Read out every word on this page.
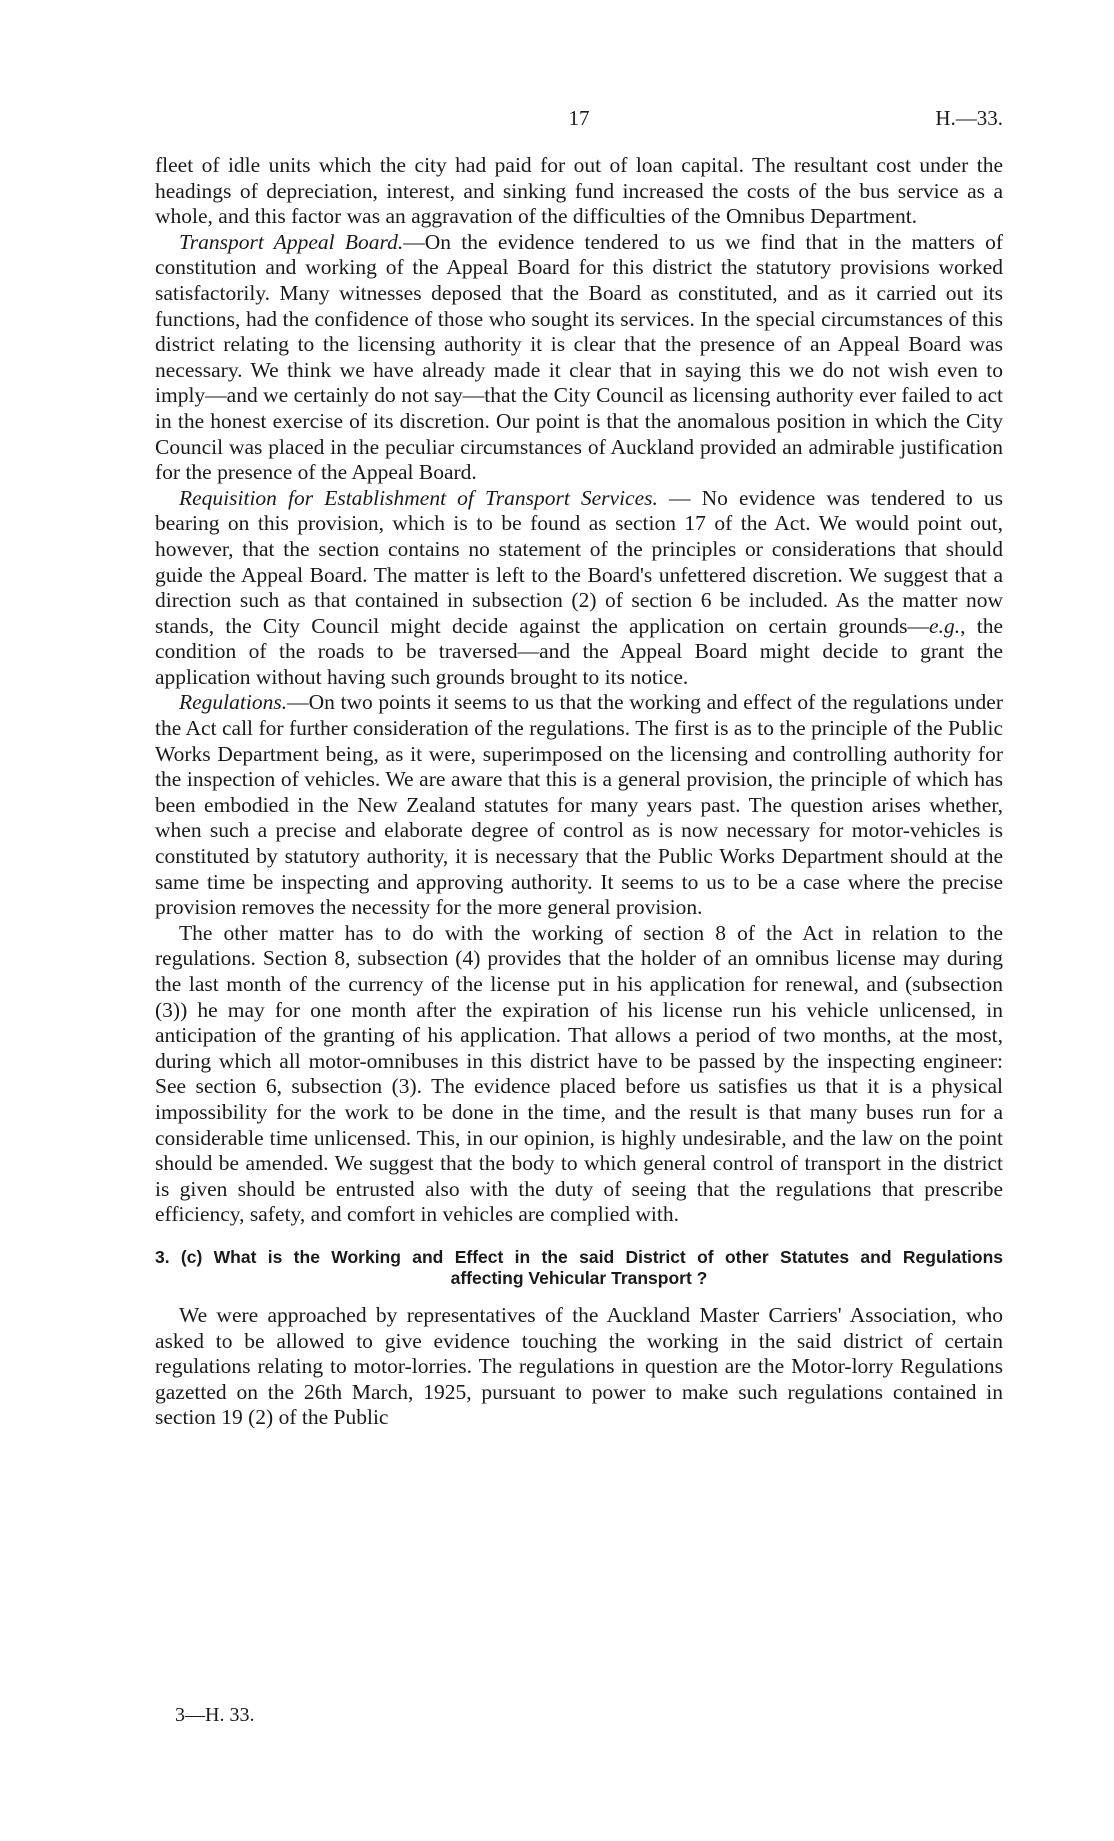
17	H.—33.

fleet of idle units which the city had paid for out of loan capital. The resultant cost under the headings of depreciation, interest, and sinking fund increased the costs of the bus service as a whole, and this factor was an aggravation of the difficulties of the Omnibus Department.

Transport Appeal Board.—On the evidence tendered to us we find that in the matters of constitution and working of the Appeal Board for this district the statutory provisions worked satisfactorily. Many witnesses deposed that the Board as constituted, and as it carried out its functions, had the confidence of those who sought its services. In the special circumstances of this district relating to the licensing authority it is clear that the presence of an Appeal Board was necessary. We think we have already made it clear that in saying this we do not wish even to imply—and we certainly do not say—that the City Council as licensing authority ever failed to act in the honest exercise of its discretion. Our point is that the anomalous position in which the City Council was placed in the peculiar circumstances of Auckland provided an admirable justification for the presence of the Appeal Board.

Requisition for Establishment of Transport Services. — No evidence was tendered to us bearing on this provision, which is to be found as section 17 of the Act. We would point out, however, that the section contains no statement of the principles or considerations that should guide the Appeal Board. The matter is left to the Board's unfettered discretion. We suggest that a direction such as that contained in subsection (2) of section 6 be included. As the matter now stands, the City Council might decide against the application on certain grounds—e.g., the condition of the roads to be traversed—and the Appeal Board might decide to grant the application without having such grounds brought to its notice.

Regulations.—On two points it seems to us that the working and effect of the regulations under the Act call for further consideration of the regulations. The first is as to the principle of the Public Works Department being, as it were, superimposed on the licensing and controlling authority for the inspection of vehicles. We are aware that this is a general provision, the principle of which has been embodied in the New Zealand statutes for many years past. The question arises whether, when such a precise and elaborate degree of control as is now necessary for motor-vehicles is constituted by statutory authority, it is necessary that the Public Works Department should at the same time be inspecting and approving authority. It seems to us to be a case where the precise provision removes the necessity for the more general provision.

The other matter has to do with the working of section 8 of the Act in relation to the regulations. Section 8, subsection (4) provides that the holder of an omnibus license may during the last month of the currency of the license put in his application for renewal, and (subsection (3)) he may for one month after the expiration of his license run his vehicle unlicensed, in anticipation of the granting of his application. That allows a period of two months, at the most, during which all motor-omnibuses in this district have to be passed by the inspecting engineer: See section 6, subsection (3). The evidence placed before us satisfies us that it is a physical impossibility for the work to be done in the time, and the result is that many buses run for a considerable time unlicensed. This, in our opinion, is highly undesirable, and the law on the point should be amended. We suggest that the body to which general control of transport in the district is given should be entrusted also with the duty of seeing that the regulations that prescribe efficiency, safety, and comfort in vehicles are complied with.

3. (c) What is the Working and Effect in the said District of other Statutes and Regulations
affecting Vehicular Transport ?

We were approached by representatives of the Auckland Master Carriers' Association, who asked to be allowed to give evidence touching the working in the said district of certain regulations relating to motor-lorries. The regulations in question are the Motor-lorry Regulations gazetted on the 26th March, 1925, pursuant to power to make such regulations contained in section 19 (2) of the Public

3—H. 33.
